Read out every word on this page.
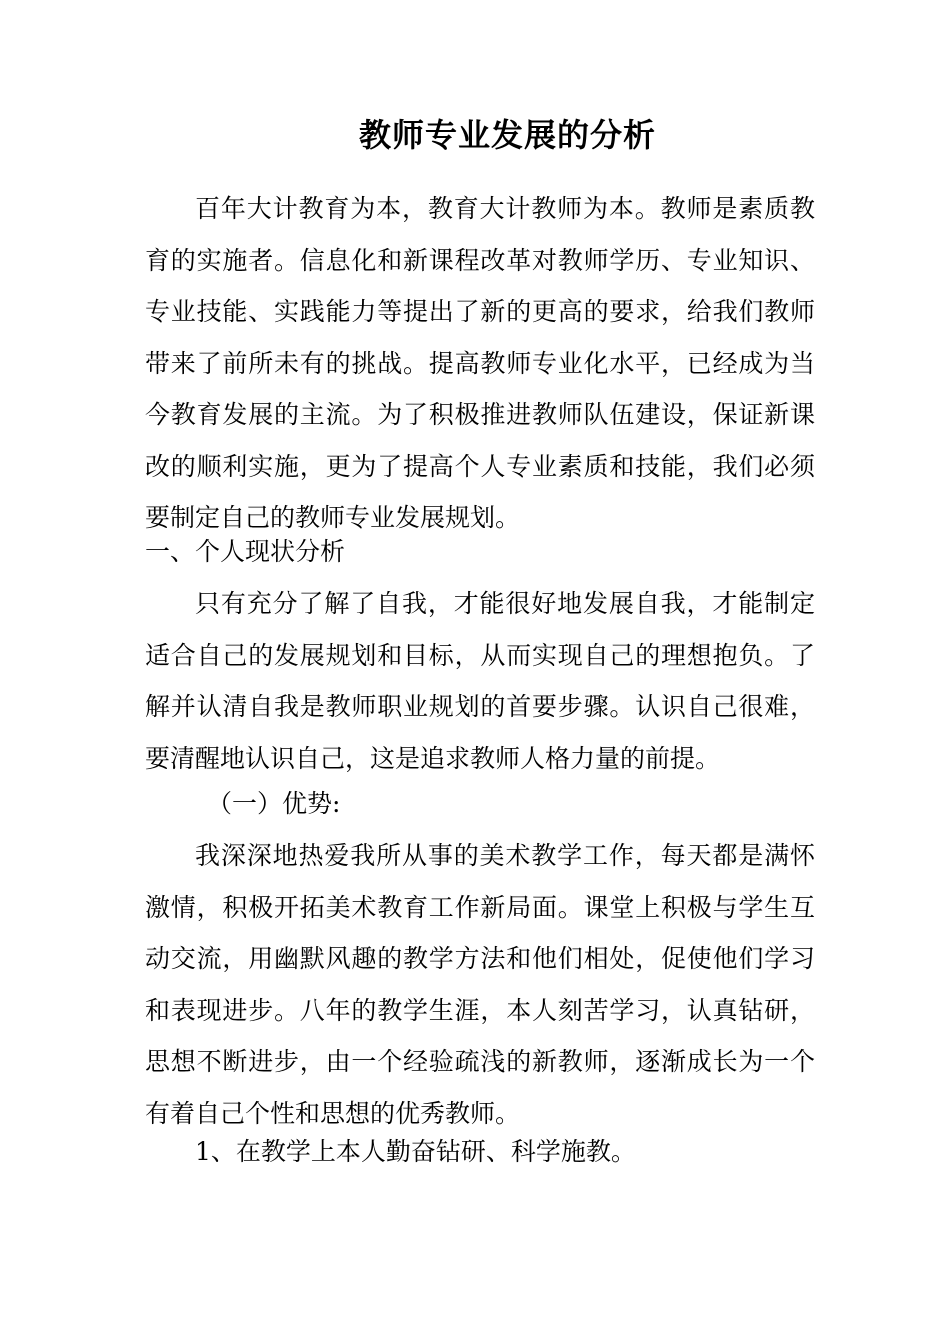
教师专业发展的分析

百年大计教育为本，教育大计教师为本。教师是素质教育的实施者。信息化和新课程改革对教师学历、专业知识、专业技能、实践能力等提出了新的更高的要求，给我们教师带来了前所未有的挑战。提高教师专业化水平，已经成为当今教育发展的主流。为了积极推进教师队伍建设，保证新课改的顺利实施，更为了提高个人专业素质和技能，我们必须要制定自己的教师专业发展规划。

一、个人现状分析

只有充分了解了自我，才能很好地发展自我，才能制定适合自己的发展规划和目标，从而实现自己的理想抱负。了解并认清自我是教师职业规划的首要步骤。认识自己很难，要清醒地认识自己，这是追求教师人格力量的前提。

（一）优势:

我深深地热爱我所从事的美术教学工作，每天都是满怀激情，积极开拓美术教育工作新局面。课堂上积极与学生互动交流，用幽默风趣的教学方法和他们相处，促使他们学习和表现进步。八年的教学生涯，本人刻苦学习，认真钻研，思想不断进步，由一个经验疏浅的新教师，逐渐成长为一个有着自己个性和思想的优秀教师。

1、在教学上本人勤奋钻研、科学施教。
